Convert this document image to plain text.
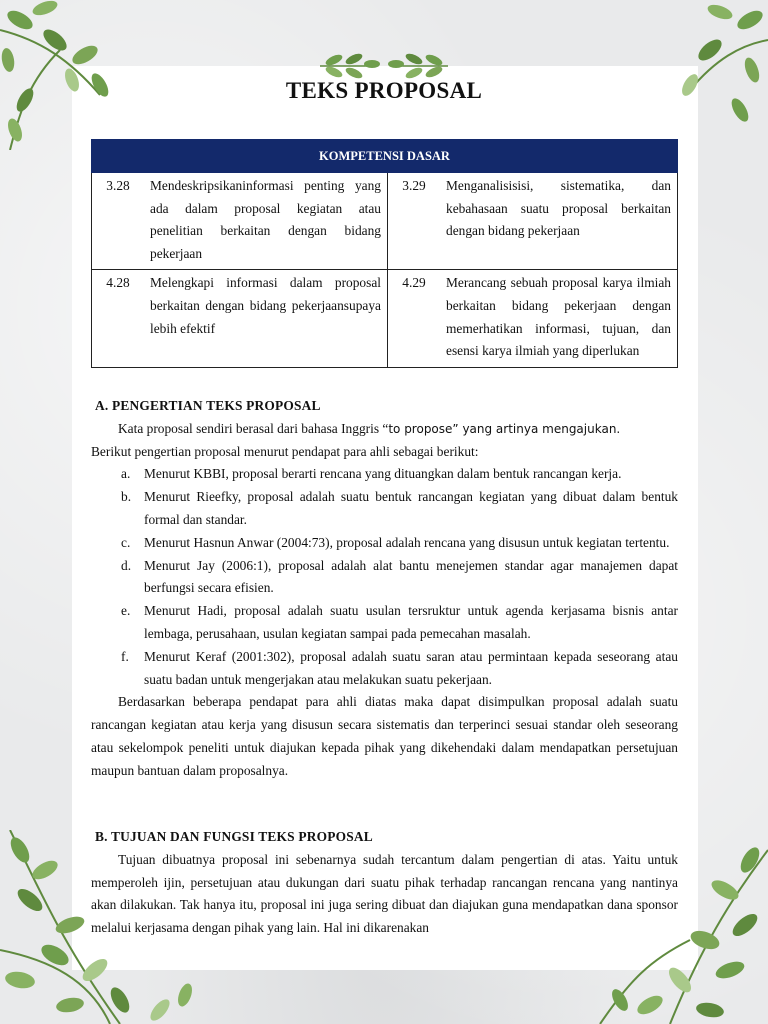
TEKS PROPOSAL
KOMPETENSI DASAR			
3.28	Mendeskripsikaninformasi penting yang ada dalam proposal kegiatan atau penelitian berkaitan dengan bidang pekerjaan	3.29	Menganalisisisi, sistematika, dan kebahasaan suatu proposal berkaitan dengan bidang pekerjaan
4.28	Melengkapi informasi dalam proposal berkaitan dengan bidang pekerjaansupaya lebih efektif	4.29	Merancang sebuah proposal karya ilmiah berkaitan bidang pekerjaan dengan memerhatikan informasi, tujuan, dan esensi karya ilmiah yang diperlukan
A. PENGERTIAN TEKS PROPOSAL

Kata proposal sendiri berasal dari bahasa Inggris “to propose” yang artinya mengajukan.

Berikut pengertian proposal menurut pendapat para ahli sebagai berikut:

a. Menurut KBBI, proposal berarti rencana yang dituangkan dalam bentuk rancangan kerja.
b. Menurut Rieefky, proposal adalah suatu bentuk rancangan kegiatan yang dibuat dalam bentuk formal dan standar.
c. Menurut Hasnun Anwar (2004:73), proposal adalah rencana yang disusun untuk kegiatan tertentu.
d. Menurut Jay (2006:1), proposal adalah alat bantu menejemen standar agar manajemen dapat berfungsi secara efisien.
e. Menurut Hadi, proposal adalah suatu usulan tersruktur untuk agenda kerjasama bisnis antar lembaga, perusahaan, usulan kegiatan sampai pada pemecahan masalah.
f. Menurut Keraf (2001:302), proposal adalah suatu saran atau permintaan kepada seseorang atau suatu badan untuk mengerjakan atau melakukan suatu pekerjaan.

Berdasarkan beberapa pendapat para ahli diatas maka dapat disimpulkan proposal adalah suatu rancangan kegiatan atau kerja yang disusun secara sistematis dan terperinci sesuai standar oleh seseorang atau sekelompok peneliti untuk diajukan kepada pihak yang dikehendaki dalam mendapatkan persetujuan maupun bantuan dalam proposalnya.

B. TUJUAN DAN FUNGSI TEKS PROPOSAL

Tujuan dibuatnya proposal ini sebenarnya sudah tercantum dalam pengertian di atas. Yaitu untuk memperoleh ijin, persetujuan atau dukungan dari suatu pihak terhadap rancangan rencana yang nantinya akan dilakukan. Tak hanya itu, proposal ini juga sering dibuat dan diajukan guna mendapatkan dana sponsor melalui kerjasama dengan pihak yang lain. Hal ini dikarenakan
